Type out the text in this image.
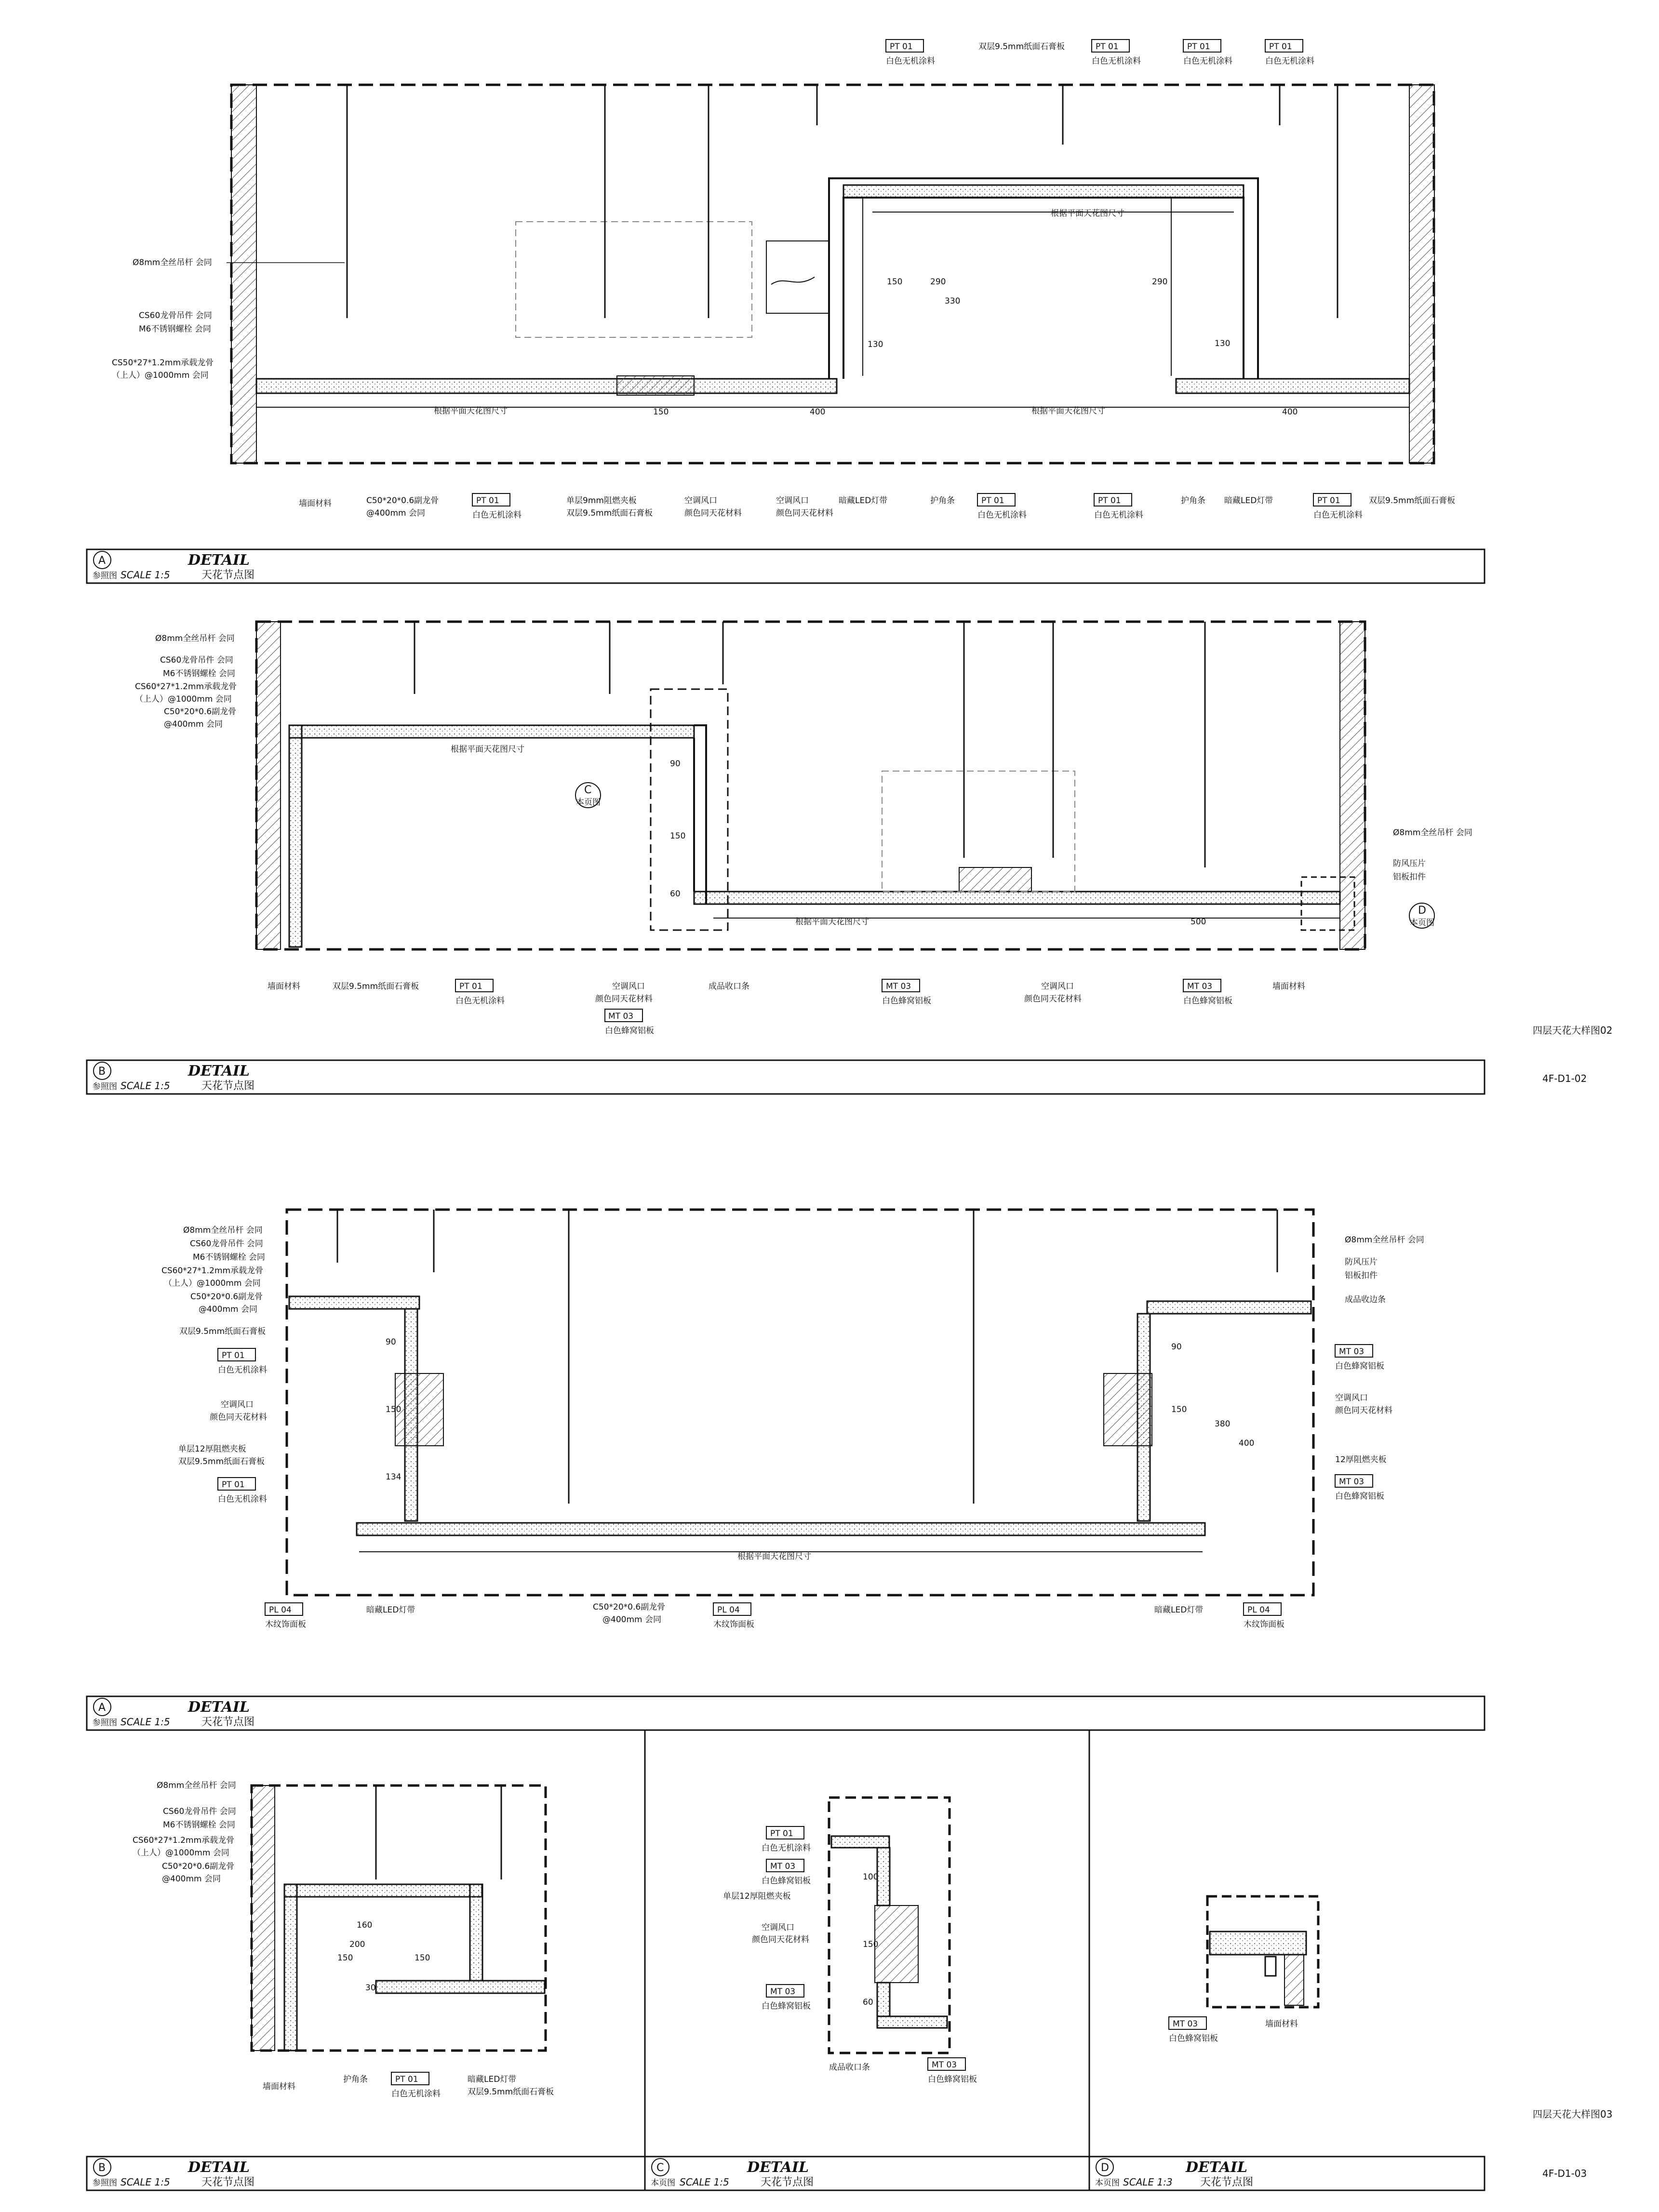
根据平面天花图尺寸	根据平面天花图尺寸
根据平面天花图尺寸
150	400	400
130	130
150	290
330
290
PT 01
白色无机涂料
双层9.5mm纸面石膏板	PT 01
白色无机涂料
PT 01
白色无机涂料
PT 01
白色无机涂料
Ø8mm全丝吊杆 会同
CS60龙骨吊件 会同
M6不锈钢螺栓 会同
CS50*27*1.2mm承载龙骨
（上人）@1000mm 会同
墙面材料	C50*20*0.6副龙骨
@400mm 会同
PT 01
白色无机涂料
单层9mm阻燃夹板
双层9.5mm纸面石膏板
空调风口
颜色同天花材料
空调风口
颜色同天花材料
暗藏LED灯带	护角条	PT 01
白色无机涂料
PT 01
白色无机涂料
护角条 暗藏LED灯带	PT 01
白色无机涂料
双层9.5mm纸面石膏板
A
参照图
DETAIL
SCALE 1:5	天花节点图
根据平面天花图尺寸
根据平面天花图尺寸	500
90
150
60
C
本页图
D
本页图
Ø8mm全丝吊杆 会同
CS60龙骨吊件 会同
M6不锈钢螺栓 会同
CS60*27*1.2mm承载龙骨
（上人）@1000mm 会同
C50*20*0.6副龙骨
@400mm 会同
Ø8mm全丝吊杆 会同
防风压片
铝板扣件
墙面材料	双层9.5mm纸面石膏板	PT 01
白色无机涂料
空调风口
颜色同天花材料
MT 03
白色蜂窝铝板
成品收口条	MT 03
白色蜂窝铝板
空调风口
颜色同天花材料
MT 03
白色蜂窝铝板
墙面材料
四层天花大样图02
4F-D1-02
B
参照图
DETAIL
SCALE 1:5	天花节点图
根据平面天花图尺寸
90
150
134
90
150
380
400
Ø8mm全丝吊杆 会同
CS60龙骨吊件 会同
M6不锈钢螺栓 会同
CS60*27*1.2mm承载龙骨
（上人）@1000mm 会同
C50*20*0.6副龙骨
@400mm 会同
双层9.5mm纸面石膏板
PT 01
白色无机涂料
空调风口
颜色同天花材料
单层12厚阻燃夹板
双层9.5mm纸面石膏板
PT 01
白色无机涂料
Ø8mm全丝吊杆 会同
防风压片
铝板扣件
成品收边条
MT 03
白色蜂窝铝板
空调风口
颜色同天花材料
12厚阻燃夹板
MT 03
白色蜂窝铝板
PL 04
木纹饰面板
暗藏LED灯带	C50*20*0.6副龙骨
@400mm 会同
PL 04
木纹饰面板
暗藏LED灯带	PL 04
木纹饰面板
A
参照图
DETAIL
SCALE 1:5	天花节点图
150	150
160
200
30
Ø8mm全丝吊杆 会同
CS60龙骨吊件 会同
M6不锈钢螺栓 会同
CS60*27*1.2mm承载龙骨
（上人）@1000mm 会同
C50*20*0.6副龙骨
@400mm 会同
墙面材料
护角条	PT 01
白色无机涂料
暗藏LED灯带
双层9.5mm纸面石膏板
B
参照图
DETAIL
SCALE 1:5	天花节点图
100
150
60
PT 01
白色无机涂料
MT 03
白色蜂窝铝板
单层12厚阻燃夹板
空调风口
颜色同天花材料
MT 03
白色蜂窝铝板
成品收口条	MT 03
白色蜂窝铝板
C
本页图
DETAIL
SCALE 1:5	天花节点图
MT 03
白色蜂窝铝板
墙面材料
四层天花大样图03
4F-D1-03
D
本页图
DETAIL
SCALE 1:3	天花节点图
